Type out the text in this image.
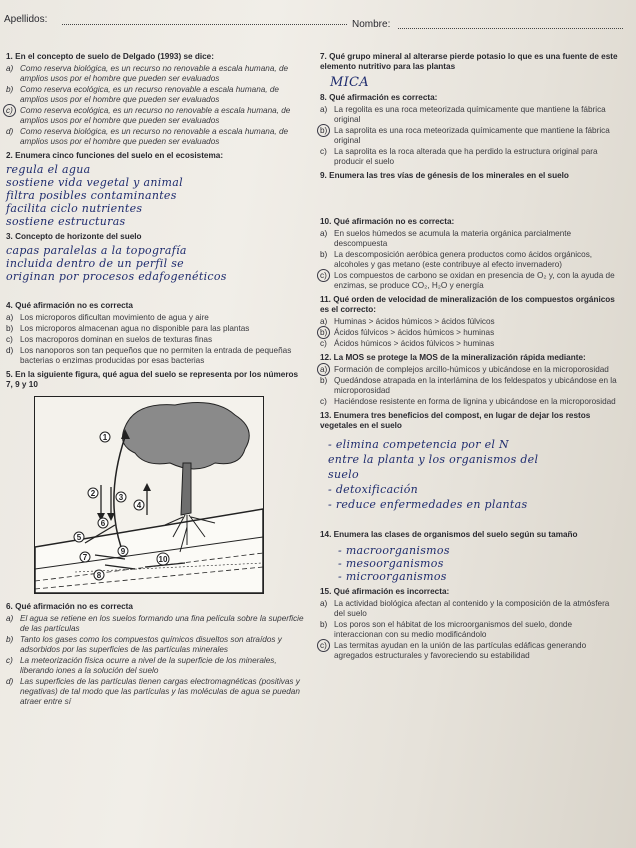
Apellidos:	Nombre:
1. En el concepto de suelo de Delgado (1993) se dice:
a) Como reserva biológica, es un recurso no renovable a escala humana, de amplios usos por el hombre que pueden ser evaluados
b) Como reserva ecológica, es un recurso renovable a escala humana, de amplios usos por el hombre que pueden ser evaluados
c) Como reserva ecológica, es un recurso no renovable a escala humana, de amplios usos por el hombre que pueden ser evaluados
d) Como reserva biológica, es un recurso no renovable a escala humana, de amplios usos por el hombre que pueden ser evaluados
2. Enumera cinco funciones del suelo en el ecosistema:
regula el agua
sostiene vida vegetal y animal
filtra posibles contaminantes
facilita ciclo nutrientes
sostiene estructuras
3. Concepto de horizonte del suelo
capas paralelas a la topografía
incluida dentro de un perfil se
originan por procesos edafogenéticos
4. Qué afirmación no es correcta
a) Los microporos dificultan movimiento de agua y aire
b) Los microporos almacenan agua no disponible para las plantas
c) Los macroporos dominan en suelos de texturas finas
d) Los nanoporos son tan pequeños que no permiten la entrada de pequeñas bacterias o enzimas producidas por esas bacterias
5. En la siguiente figura, qué agua del suelo se representa por los números 7, 9 y 10
1
2	3
4
5
6
7
8
9
10
6. Qué afirmación no es correcta
a) El agua se retiene en los suelos formando una fina película sobre la superficie de las partículas
b) Tanto los gases como los compuestos químicos disueltos son atraídos y adsorbidos por las superficies de las partículas minerales
c) La meteorización física ocurre a nivel de la superficie de los minerales, liberando iones a la solución del suelo
d) Las superficies de las partículas tienen cargas electromagnéticas (positivas y negativas) de tal modo que las partículas y las moléculas de agua se puedan atraer entre sí
7. Qué grupo mineral al alterarse pierde potasio lo que es una fuente de este elemento nutritivo para las plantas
MICA
8. Qué afirmación es correcta:
a) La regolita es una roca meteorizada químicamente que mantiene la fábrica original
b) La saprolita es una roca meteorizada químicamente que mantiene la fábrica original
c) La saprolita es la roca alterada que ha perdido la estructura original para producir el suelo
9. Enumera las tres vías de génesis de los minerales en el suelo
10. Qué afirmación no es correcta:
a) En suelos húmedos se acumula la materia orgánica parcialmente descompuesta
b) La descomposición aeróbica genera productos como ácidos orgánicos, alcoholes y gas metano (este contribuye al efecto invernadero)
c) Los compuestos de carbono se oxidan en presencia de O₂ y, con la ayuda de enzimas, se produce CO₂, H₂O y energía
11. Qué orden de velocidad de mineralización de los compuestos orgánicos es el correcto:
a) Huminas > ácidos húmicos > ácidos fúlvicos
b) Ácidos fúlvicos > ácidos húmicos > huminas
c) Ácidos húmicos > ácidos fúlvicos > huminas
12. La MOS se protege la MOS de la mineralización rápida mediante:
a) Formación de complejos arcillo-húmicos y ubicándose en la microporosidad
b) Quedándose atrapada en la interlámina de los feldespatos y ubicándose en la microporosidad
c) Haciéndose resistente en forma de lignina y ubicándose en la microporosidad
13. Enumera tres beneficios del compost, en lugar de dejar los restos vegetales en el suelo
- elimina competencia por el N
entre la planta y los organismos del
suelo
- detoxificación
- reduce enfermedades en plantas
14. Enumera las clases de organismos del suelo según su tamaño
- macroorganismos
- mesoorganismos
- microorganismos
15. Qué afirmación es incorrecta:
a) La actividad biológica afectan al contenido y la composición de la atmósfera del suelo
b) Los poros son el hábitat de los microorganismos del suelo, donde interaccionan con su medio modificándolo
c) Las termitas ayudan en la unión de las partículas edáficas generando agregados estructurales y favoreciendo su estabilidad
